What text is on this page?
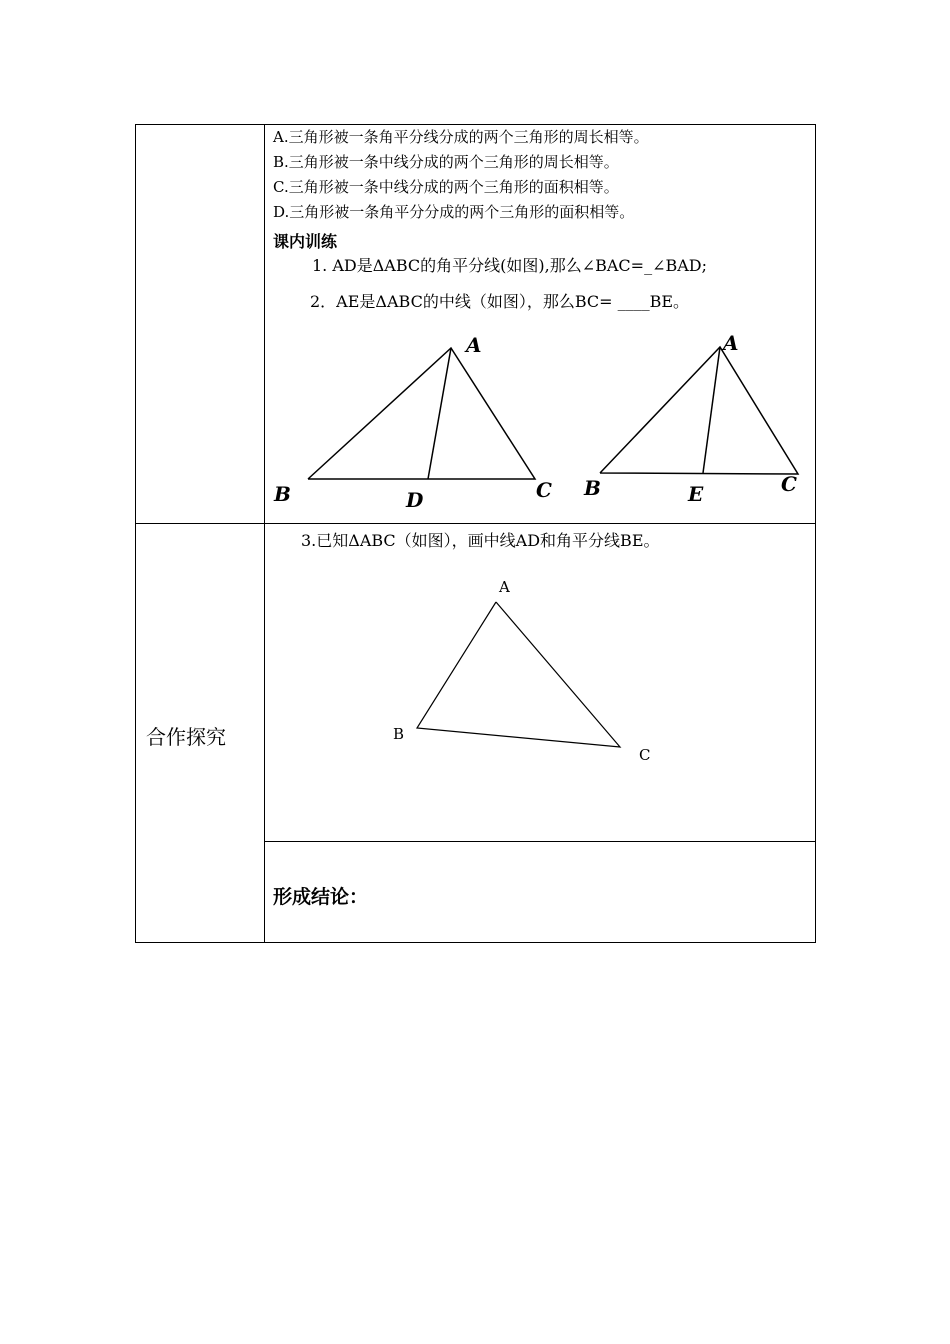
A.三角形被一条角平分线分成的两个三角形的周长相等。
B.三角形被一条中线分成的两个三角形的周长相等。
C.三角形被一条中线分成的两个三角形的面积相等。
D.三角形被一条角平分分成的两个三角形的面积相等。
课内训练
1. AD是ΔABC的角平分线(如图),那么∠BAC=_∠BAD;
2．AE是ΔABC的中线（如图），那么BC= ____BE。
A
B	C
D
A
B	C
E
合作探究
3.已知ΔABC（如图），画中线AD和角平分线BE。
A
B
C
形成结论：
